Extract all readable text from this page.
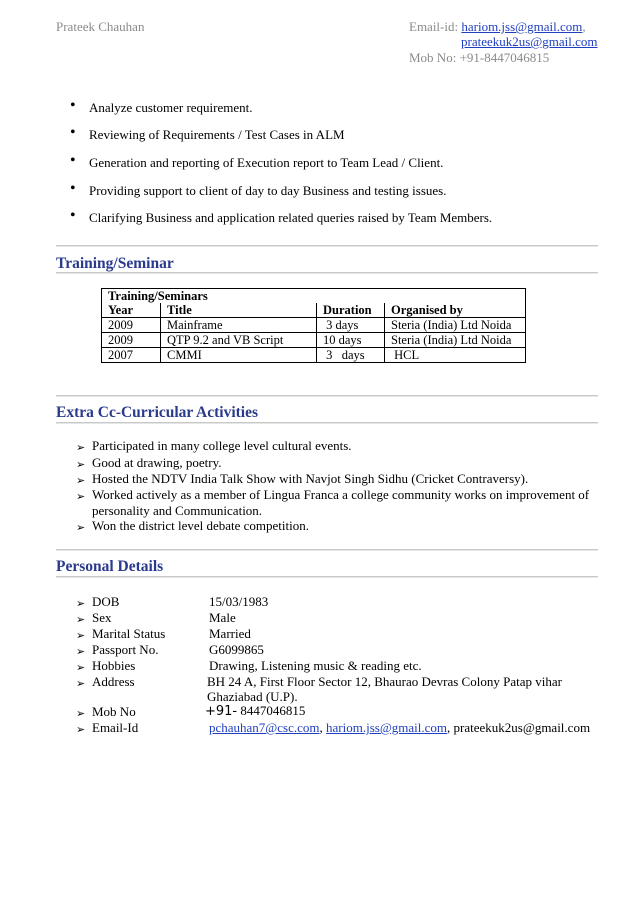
Prateek Chauhan	Email-id: hariom.jss@gmail.com,
prateekuk2us@gmail.com
Mob No: +91-8447046815
• Analyze customer requirement.
• Reviewing of Requirements / Test Cases in ALM
• Generation and reporting of Execution report to Team Lead / Client.
• Providing support to client of day to day Business and testing issues.
• Clarifying Business and application related queries raised by Team Members.
Training/Seminar
Training/Seminars			
Year	Title	Duration	Organised by
2009	Mainframe	3 days	Steria (India) Ltd Noida
2009	QTP 9.2 and VB Script	10 days	Steria (India) Ltd Noida
2007	CMMI	3   days	HCL
Extra Cc-Curricular Activities
➢ Participated in many college level cultural events.
➢ Good at drawing, poetry.
➢ Hosted the NDTV India Talk Show with Navjot Singh Sidhu (Cricket Contraversy).
➢ Worked actively as a member of Lingua Franca a college community works on improvement of
personality and Communication.
➢ Won the district level debate competition.
Personal Details
➢ DOB	15/03/1983
➢ Sex	Male
➢ Marital Status	Married
➢ Passport No.	G6099865
➢ Hobbies	Drawing, Listening music & reading etc.
➢ Address	BH 24 A, First Floor Sector 12, Bhaurao Devras Colony Patap vihar
Ghaziabad (U.P).
➢ Mob No	+91- 8447046815
➢ Email-Id	pchauhan7@csc.com, hariom.jss@gmail.com, prateekuk2us@gmail.com
